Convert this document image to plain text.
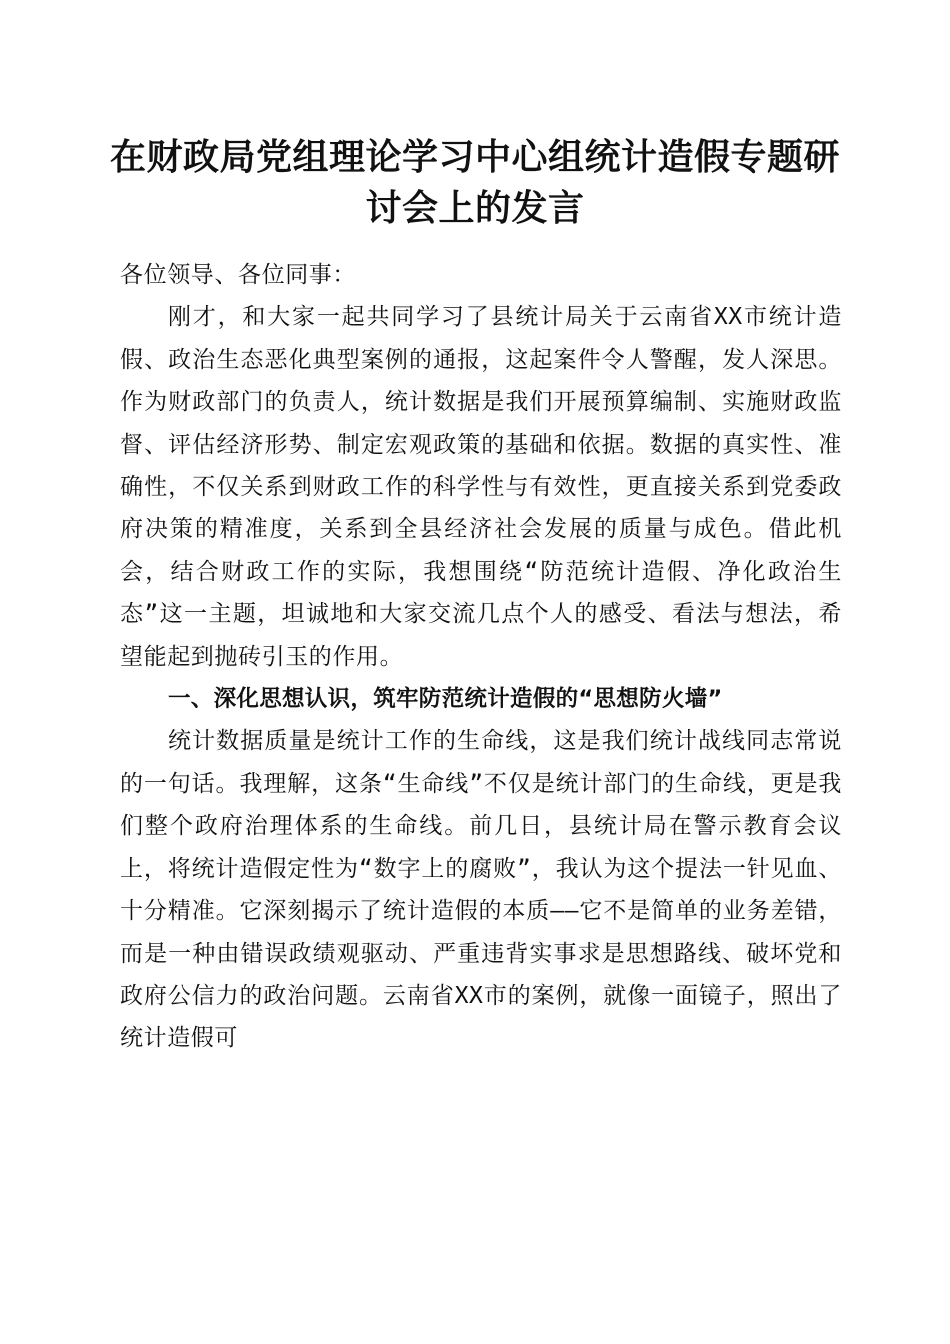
在财政局党组理论学习中心组统计造假专题研
讨会上的发言

各位领导、各位同事：

刚才，和大家一起共同学习了县统计局关于云南省XX市统计造假、政治生态恶化典型案例的通报，这起案件令人警醒，发人深思。作为财政部门的负责人，统计数据是我们开展预算编制、实施财政监督、评估经济形势、制定宏观政策的基础和依据。数据的真实性、准确性，不仅关系到财政工作的科学性与有效性，更直接关系到党委政府决策的精准度，关系到全县经济社会发展的质量与成色。借此机会，结合财政工作的实际，我想围绕“防范统计造假、净化政治生态”这一主题，坦诚地和大家交流几点个人的感受、看法与想法，希望能起到抛砖引玉的作用。

一、深化思想认识，筑牢防范统计造假的“思想防火墙”

统计数据质量是统计工作的生命线，这是我们统计战线同志常说的一句话。我理解，这条“生命线”不仅是统计部门的生命线，更是我们整个政府治理体系的生命线。前几日，县统计局在警示教育会议上，将统计造假定性为“数字上的腐败”，我认为这个提法一针见血、十分精准。它深刻揭示了统计造假的本质——它不是简单的业务差错，而是一种由错误政绩观驱动、严重违背实事求是思想路线、破坏党和政府公信力的政治问题。云南省XX市的案例，就像一面镜子，照出了统计造假可
